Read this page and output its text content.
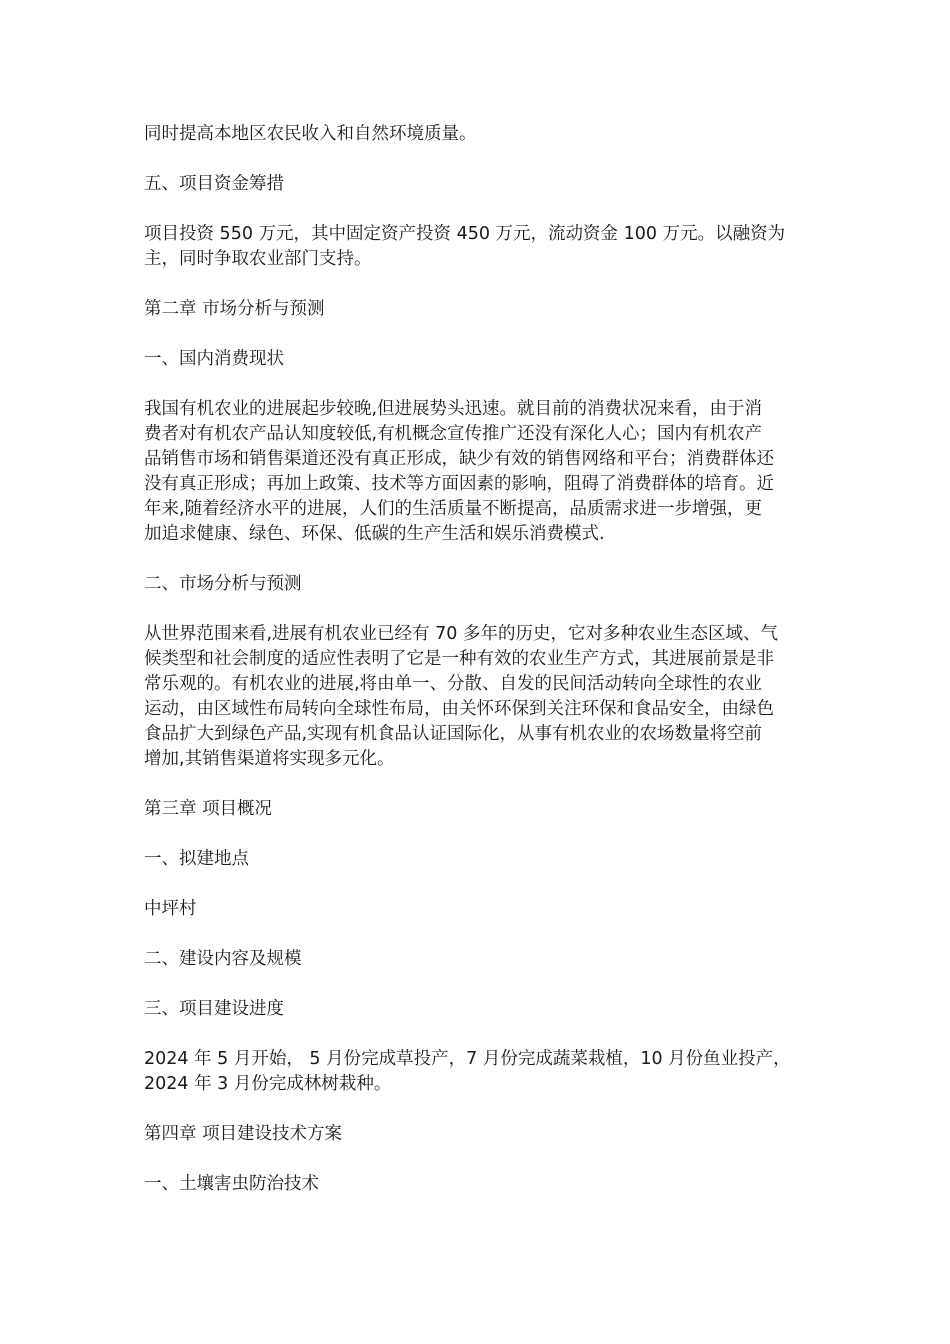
同时提高本地区农民收入和自然环境质量。

五、项目资金筹措

项目投资 550 万元，其中固定资产投资 450 万元，流动资金 100 万元。以融资为
主，同时争取农业部门支持。

第二章 市场分析与预测

一、国内消费现状

我国有机农业的进展起步较晚,但进展势头迅速。就目前的消费状况来看，由于消
费者对有机农产品认知度较低,有机概念宣传推广还没有深化人心；国内有机农产
品销售市场和销售渠道还没有真正形成，缺少有效的销售网络和平台；消费群体还
没有真正形成；再加上政策、技术等方面因素的影响，阻碍了消费群体的培育。近
年来,随着经济水平的进展，人们的生活质量不断提高，品质需求进一步增强，更
加追求健康、绿色、环保、低碳的生产生活和娱乐消费模式.

二、市场分析与预测

从世界范围来看,进展有机农业已经有 70 多年的历史，它对多种农业生态区域、气
候类型和社会制度的适应性表明了它是一种有效的农业生产方式，其进展前景是非
常乐观的。有机农业的进展,将由单一、分散、自发的民间活动转向全球性的农业
运动，由区域性布局转向全球性布局，由关怀环保到关注环保和食品安全，由绿色
食品扩大到绿色产品,实现有机食品认证国际化，从事有机农业的农场数量将空前
增加,其销售渠道将实现多元化。

第三章 项目概况

一、拟建地点

中坪村

二、建设内容及规模

三、项目建设进度

2024 年 5 月开始， 5 月份完成草投产，7 月份完成蔬菜栽植，10 月份鱼业投产，
2024 年 3 月份完成林树栽种。

第四章 项目建设技术方案

一、土壤害虫防治技术
